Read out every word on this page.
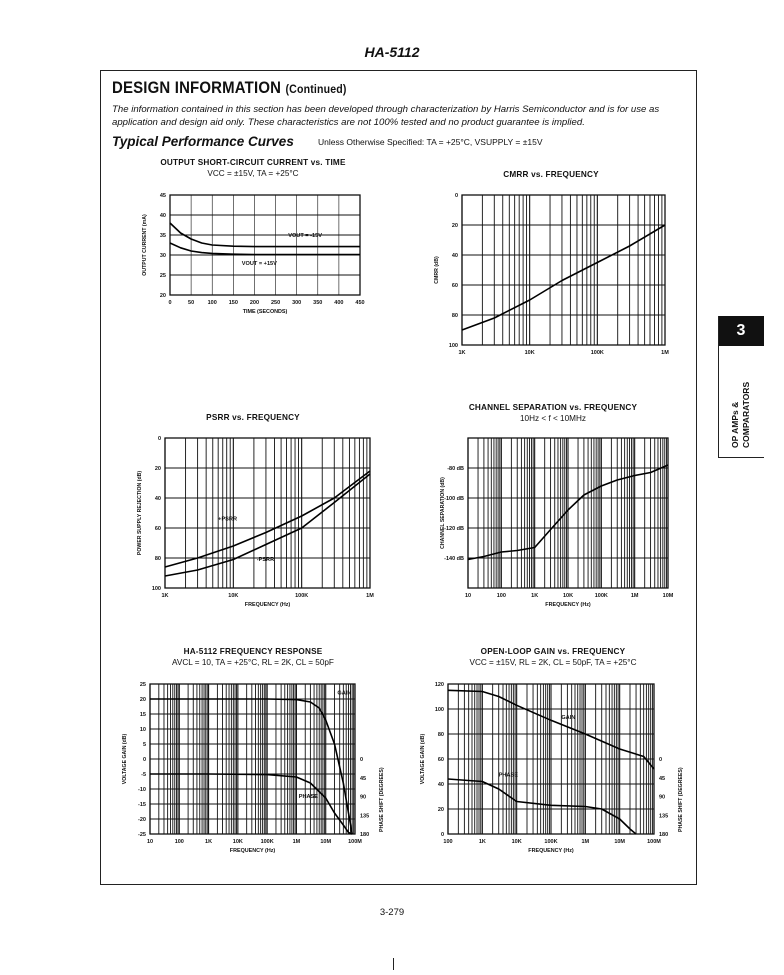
HA-5112
DESIGN INFORMATION (Continued)
The information contained in this section has been developed through characterization by Harris Semiconductor and is for use as application and design aid only. These characteristics are not 100% tested and no product guarantee is implied.
Typical Performance Curves	Unless Otherwise Specified: TA = +25°C, VSUPPLY = ±15V
OUTPUT SHORT-CIRCUIT CURRENT vs. TIME
VCC = ±15V, TA = +25°C	CMRR vs. FREQUENCY
PSRR vs. FREQUENCY
CHANNEL SEPARATION vs. FREQUENCY
10Hz < f < 10MHz
HA-5112 FREQUENCY RESPONSE
AVCL = 10, TA = +25°C, RL = 2K, CL = 50pF
OPEN-LOOP GAIN vs. FREQUENCY
VCC = ±15V, RL = 2K, CL = 50pF, TA = +25°C
0	50 100 150 200 250 300 350 400 450
20
25
30
35
40
45
TIME (SECONDS)
OUTPUT CURRENT (mA)	VOUT = -15V
VOUT = +15V
1K	10K	100K	1M
100
80
60
40
20
0
CMRR (dB)
1K	10K	100K	1M
100
80
60
40
20
0
FREQUENCY (Hz)
POWER SUPPLY REJECTION (dB)	+PSRR
-PSRR
10	100	1K	10K	100K	1M	10M
-80 dB
-100 dB
-120 dB
-140 dB
FREQUENCY (Hz)
CHANNEL SEPARATION (dB)
10	100	1K	10K	100K	1M	10M	100M
25
20
15
10
5
0
-5
-10
-15
-20
-25
0
45
90
135
180
PHASE SHIFT (DEGREES)
FREQUENCY (Hz)
VOLTAGE GAIN (dB)
GAIN
PHASE
100	1K	10K	100K	1M	10M	100M
120
100
80
60
40
20
0
0
45
90
135
180
PHASE SHIFT (DEGREES)
FREQUENCY (Hz)
VOLTAGE GAIN (dB)
GAIN
PHASE
3
OP AMPs & COMPARATORS
3-279
